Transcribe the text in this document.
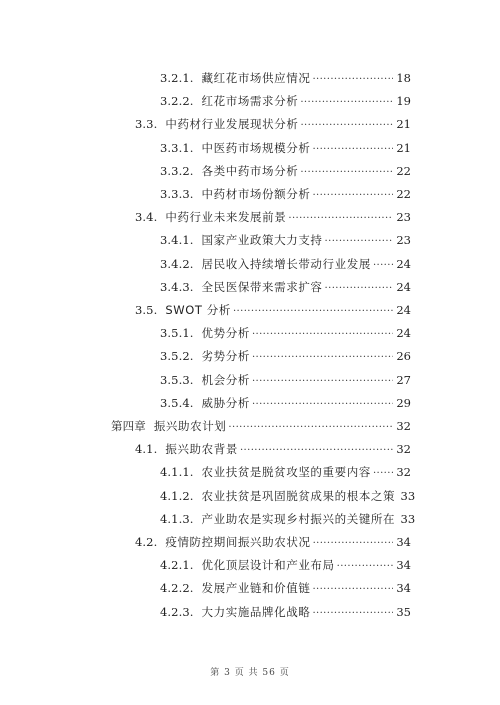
3.2.1. 藏红花市场供应情况 .....	18
3.2.2. 红花市场需求分析 .....	19
3.3. 中药材行业发展现状分析 .....	21
3.3.1. 中医药市场规模分析 .....	21
3.3.2. 各类中药市场分析 .....	22
3.3.3. 中药材市场份额分析 .....	22
3.4. 中药行业未来发展前景 .....	23
3.4.1. 国家产业政策大力支持 .....	23
3.4.2. 居民收入持续增长带动行业发展 ..... 24
3.4.3. 全民医保带来需求扩容 .....	24
3.5. SWOT 分析 .....	24
3.5.1. 优势分析 .....	24
3.5.2. 劣势分析 .....	26
3.5.3. 机会分析 .....	27
3.5.4. 威胁分析 .....	29
第四章 振兴助农计划 .....	32
4.1. 振兴助农背景 .....	32
4.1.1. 农业扶贫是脱贫攻坚的重要内容 ..... 32
4.1.2. 农业扶贫是巩固脱贫成果的根本之策 33
4.1.3. 产业助农是实现乡村振兴的关键所在 33
4.2. 疫情防控期间振兴助农状况 .....	34
4.2.1. 优化顶层设计和产业布局 .....	34
4.2.2. 发展产业链和价值链 .....	34
4.2.3. 大力实施品牌化战略 .....	35
第 3 页 共 56 页
